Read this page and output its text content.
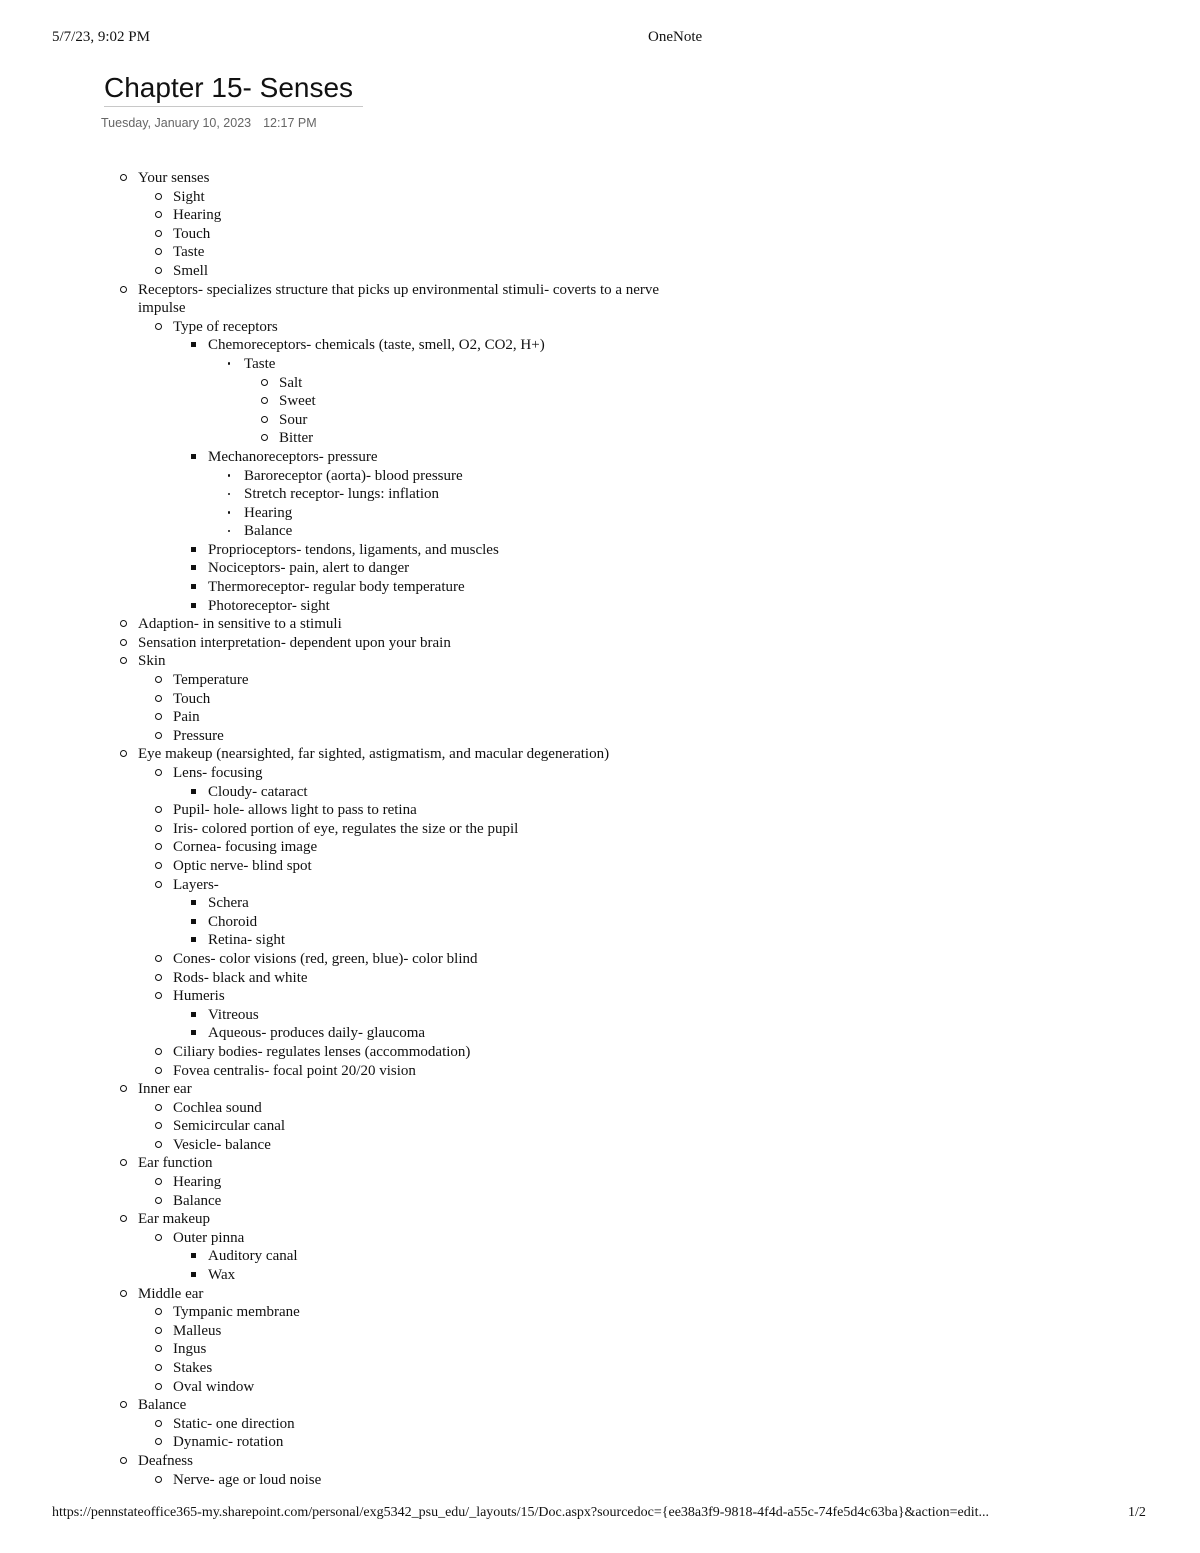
5/7/23, 9:02 PM	OneNote
Chapter 15- Senses
Tuesday, January 10, 2023 12:17 PM
Your senses
Sight
Hearing
Touch
Taste
Smell
Receptors- specializes structure that picks up environmental stimuli- coverts to a nerve impulse
Type of receptors
Chemoreceptors- chemicals (taste, smell, O2, CO2, H+)
Taste
Salt
Sweet
Sour
Bitter
Mechanoreceptors- pressure
Baroreceptor (aorta)- blood pressure
Stretch receptor- lungs: inflation
Hearing
Balance
Proprioceptors- tendons, ligaments, and muscles
Nociceptors- pain, alert to danger
Thermoreceptor- regular body temperature
Photoreceptor- sight
Adaption- in sensitive to a stimuli
Sensation interpretation- dependent upon your brain
Skin
Temperature
Touch
Pain
Pressure
Eye makeup (nearsighted, far sighted, astigmatism, and macular degeneration)
Lens- focusing
Cloudy- cataract
Pupil- hole- allows light to pass to retina
Iris- colored portion of eye, regulates the size or the pupil
Cornea- focusing image
Optic nerve- blind spot
Layers-
Schera
Choroid
Retina- sight
Cones- color visions (red, green, blue)- color blind
Rods- black and white
Humeris
Vitreous
Aqueous- produces daily- glaucoma
Ciliary bodies- regulates lenses (accommodation)
Fovea centralis- focal point 20/20 vision
Inner ear
Cochlea sound
Semicircular canal
Vesicle- balance
Ear function
Hearing
Balance
Ear makeup
Outer pinna
Auditory canal
Wax
Middle ear
Tympanic membrane
Malleus
Ingus
Stakes
Oval window
Balance
Static- one direction
Dynamic- rotation
Deafness
Nerve- age or loud noise
https://pennstateoffice365-my.sharepoint.com/personal/exg5342_psu_edu/_layouts/15/Doc.aspx?sourcedoc={ee38a3f9-9818-4f4d-a55c-74fe5d4c63ba}&action=edit...	1/2
